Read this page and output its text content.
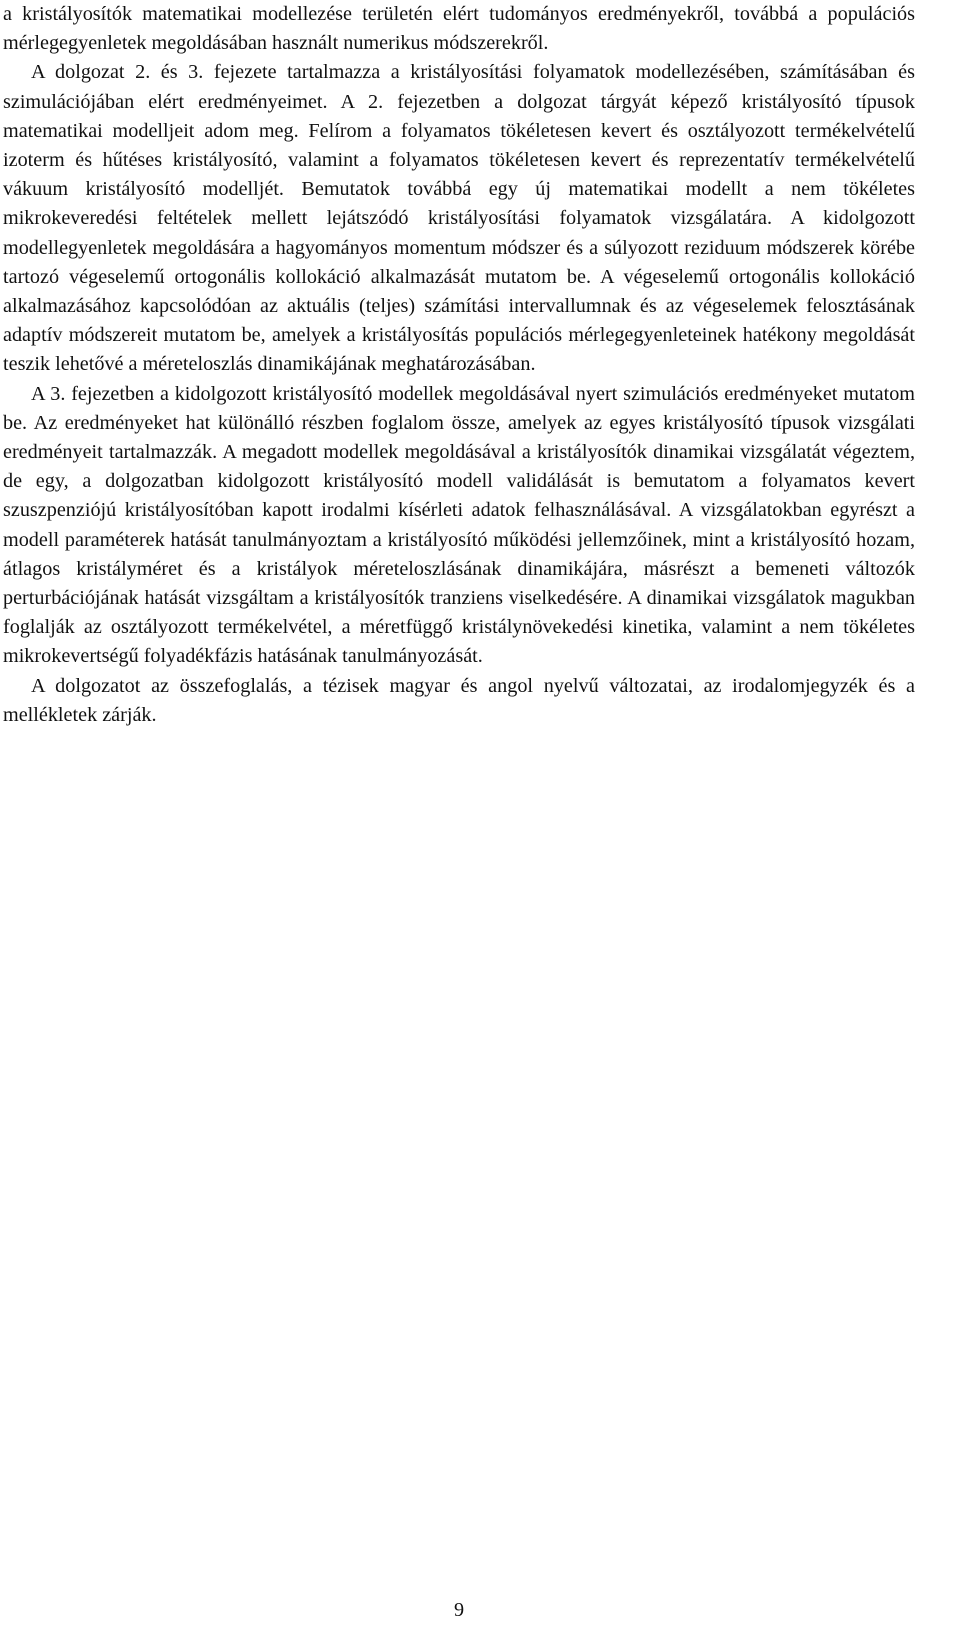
a kristályosítók matematikai modellezése területén elért tudományos eredményekről, továbbá a populációs mérlegegyenletek megoldásában használt numerikus módszerekről.

A dolgozat 2. és 3. fejezete tartalmazza a kristályosítási folyamatok modellezésében, számításában és szimulációjában elért eredményeimet. A 2. fejezetben a dolgozat tárgyát képező kristályosító típusok matematikai modelljeit adom meg. Felírom a folyamatos tökéletesen kevert és osztályozott termékelvételű izoterm és hűtéses kristályosító, valamint a folyamatos tökéletesen kevert és reprezentatív termékelvételű vákuum kristályosító modelljét. Bemutatok továbbá egy új matematikai modellt a nem tökéletes mikrokeveredési feltételek mellett lejátszódó kristályosítási folyamatok vizsgálatára. A kidolgozott modellegyenletek megoldására a hagyományos momentum módszer és a súlyozott reziduum módszerek körébe tartozó végeselemű ortogonális kollokáció alkalmazását mutatom be. A végeselemű ortogonális kollokáció alkalmazásához kapcsolódóan az aktuális (teljes) számítási intervallumnak és az végeselemek felosztásának adaptív módszereit mutatom be, amelyek a kristályosítás populációs mérlegegyenleteinek hatékony megoldását teszik lehetővé a méreteloszlás dinamikájának meghatározásában.

A 3. fejezetben a kidolgozott kristályosító modellek megoldásával nyert szimulációs eredményeket mutatom be. Az eredményeket hat különálló részben foglalom össze, amelyek az egyes kristályosító típusok vizsgálati eredményeit tartalmazzák. A megadott modellek megoldásával a kristályosítók dinamikai vizsgálatát végeztem, de egy, a dolgozatban kidolgozott kristályosító modell validálását is bemutatom a folyamatos kevert szuszpenziójú kristályosítóban kapott irodalmi kísérleti adatok felhasználásával. A vizsgálatokban egyrészt a modell paraméterek hatását tanulmányoztam a kristályosító működési jellemzőinek, mint a kristályosító hozam, átlagos kristályméret és a kristályok méreteloszlásának dinamikájára, másrészt a bemeneti változók perturbációjának hatását vizsgáltam a kristályosítók tranziens viselkedésére. A dinamikai vizsgálatok magukban foglalják az osztályozott termékelvétel, a méretfüggő kristálynövekedési kinetika, valamint a nem tökéletes mikrokevertségű folyadékfázis hatásának tanulmányozását.

A dolgozatot az összefoglalás, a tézisek magyar és angol nyelvű változatai, az irodalomjegyzék és a mellékletek zárják.

9
